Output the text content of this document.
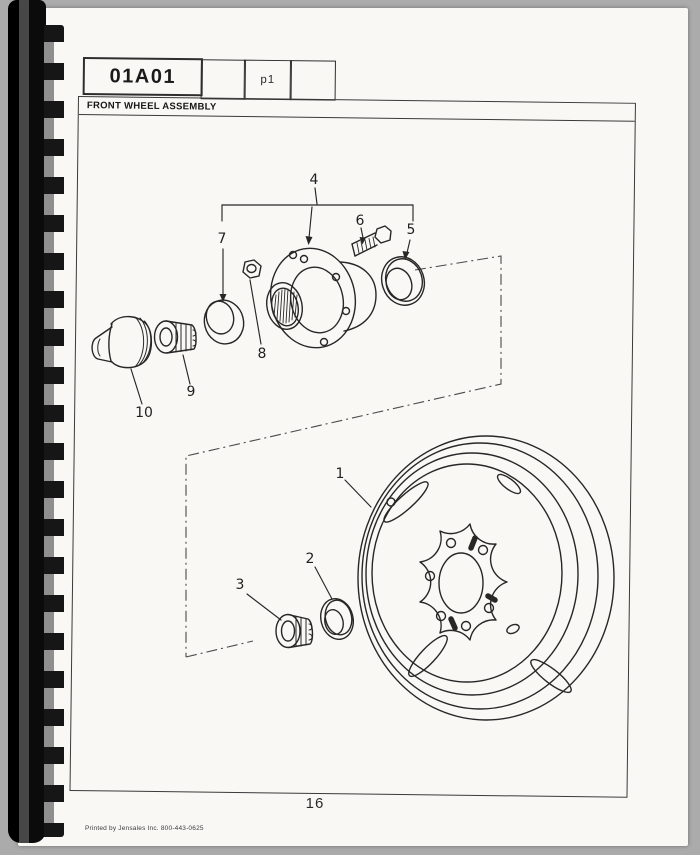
01A01	p1
FRONT WHEEL ASSEMBLY
1
2
3
4
5
6
7
8
9
10
16
Printed by Jensales Inc. 800-443-0625
